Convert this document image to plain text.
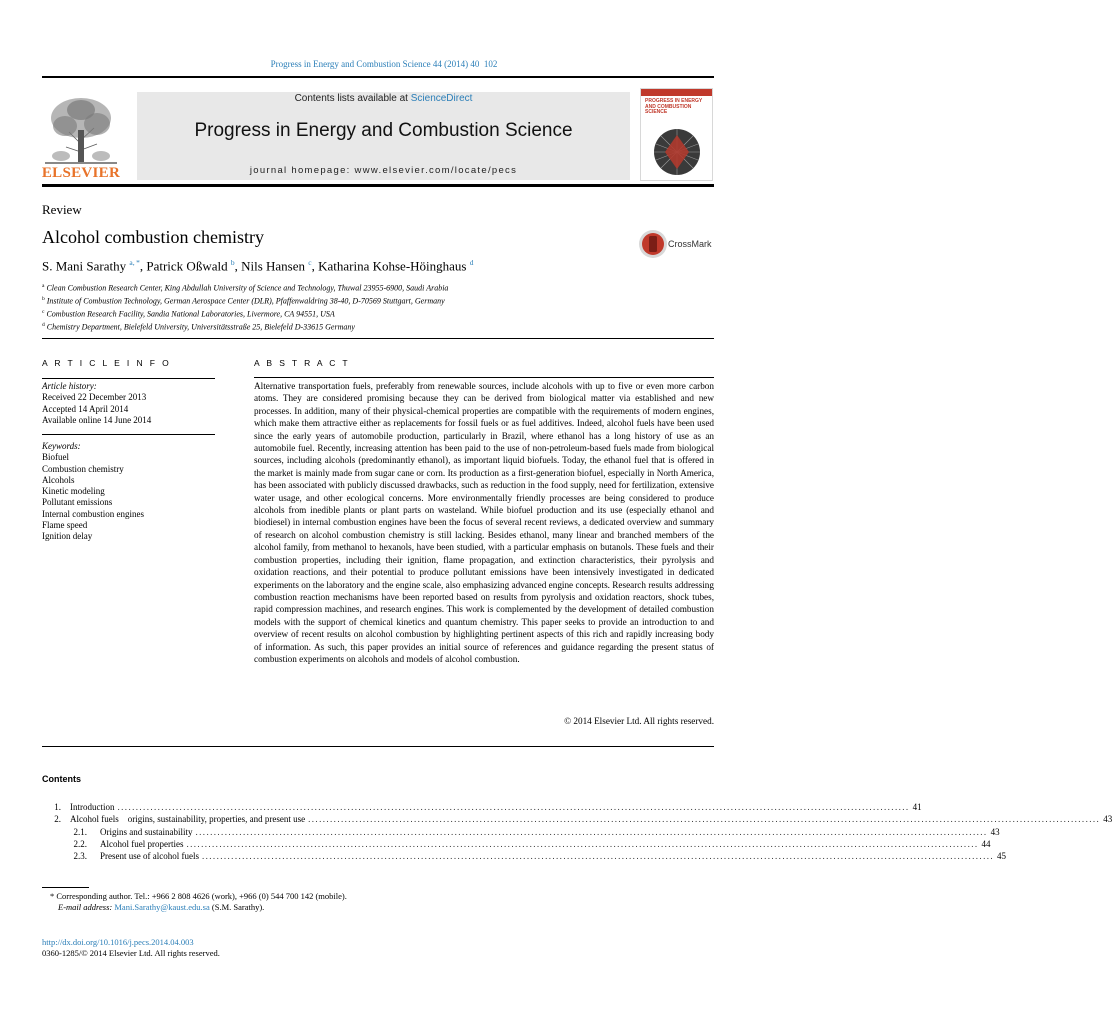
Progress in Energy and Combustion Science 44 (2014) 40 102
ELSEVIER
Contents lists available at ScienceDirect
Progress in Energy and Combustion Science
journal homepage: www.elsevier.com/locate/pecs
PROGRESS IN ENERGY AND COMBUSTION SCIENCE
Review
Alcohol combustion chemistry	CrossMark
S. Mani Sarathy $^{a, *}$, Patrick Oßwald $^b$, Nils Hansen $^c$, Katharina Kohse-Höinghaus $^d$
$^a$ Clean Combustion Research Center, King Abdullah University of Science and Technology, Thuwal 23955-6900, Saudi Arabia
$^b$ Institute of Combustion Technology, German Aerospace Center (DLR), Pfaffenwaldring 38-40, D-70569 Stuttgart, Germany
$^c$ Combustion Research Facility, Sandia National Laboratories, Livermore, CA 94551, USA
$^d$ Chemistry Department, Bielefeld University, Universitätsstraße 25, Bielefeld D-33615 Germany
A R T I C L E I N F O
Article history:
Received 22 December 2013
Accepted 14 April 2014
Available online 14 June 2014
Keywords:
Biofuel
Combustion chemistry
Alcohols
Kinetic modeling
Pollutant emissions
Internal combustion engines
Flame speed
Ignition delay
A B S T R A C T
Alternative transportation fuels, preferably from renewable sources, include alcohols with up to five or even more carbon atoms. They are considered promising because they can be derived from biological matter via established and new processes. In addition, many of their physical-chemical properties are compatible with the requirements of modern engines, which make them attractive either as replacements for fossil fuels or as fuel additives. Indeed, alcohol fuels have been used since the early years of automobile production, particularly in Brazil, where ethanol has a long history of use as an automobile fuel. Recently, increasing attention has been paid to the use of non-petroleum-based fuels made from biological sources, including alcohols (predominantly ethanol), as important liquid biofuels. Today, the ethanol fuel that is offered in the market is mainly made from sugar cane or corn. Its production as a first-generation biofuel, especially in North America, has been associated with publicly discussed drawbacks, such as reduction in the food supply, need for fertilization, extensive water usage, and other ecological concerns. More environmentally friendly processes are being considered to produce alcohols from inedible plants or plant parts on wasteland. While biofuel production and its use (especially ethanol and biodiesel) in internal combustion engines have been the focus of several recent reviews, a dedicated overview and summary of research on alcohol combustion chemistry is still lacking. Besides ethanol, many linear and branched members of the alcohol family, from methanol to hexanols, have been studied, with a particular emphasis on butanols. These fuels and their combustion properties, including their ignition, flame propagation, and extinction characteristics, their pyrolysis and oxidation reactions, and their potential to produce pollutant emissions have been intensively investigated in dedicated experiments on the laboratory and the engine scale, also emphasizing advanced engine concepts. Research results addressing combustion reaction mechanisms have been reported based on results from pyrolysis and oxidation reactors, shock tubes, rapid compression machines, and research engines. This work is complemented by the development of detailed combustion models with the support of chemical kinetics and quantum chemistry. This paper seeks to provide an introduction to and overview of recent results on alcohol combustion by highlighting pertinent aspects of this rich and rapidly increasing body of information. As such, this paper provides an initial source of references and guidance regarding the present status of combustion experiments on alcohols and models of alcohol combustion.
© 2014 Elsevier Ltd. All rights reserved.
Contents
1. Introduction ......................................................................................................................................................................................................................... 41
2. Alcohol fuels origins, sustainability, properties, and present use ......................................................................................................................................................................................................................... 43
2.1. Origins and sustainability ......................................................................................................................................................................................................................... 43
2.2. Alcohol fuel properties ......................................................................................................................................................................................................................... 44
2.3. Present use of alcohol fuels ......................................................................................................................................................................................................................... 45
* Corresponding author. Tel.: +966 2 808 4626 (work), +966 (0) 544 700 142 (mobile).
E-mail address: Mani.Sarathy@kaust.edu.sa (S.M. Sarathy).
http://dx.doi.org/10.1016/j.pecs.2014.04.003
0360-1285/© 2014 Elsevier Ltd. All rights reserved.
